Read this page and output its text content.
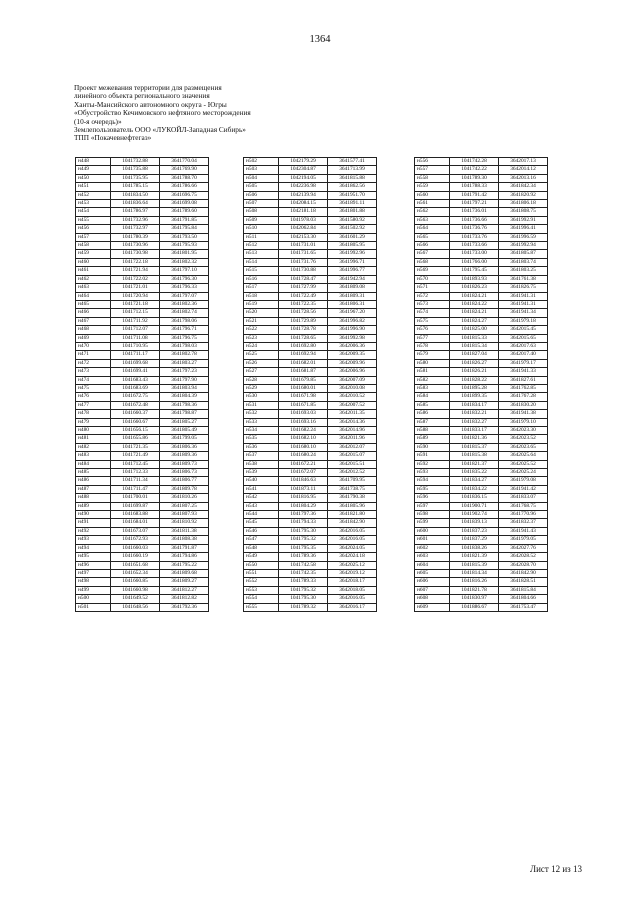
1364
Проект межевания территории для размещения
линейного объекта регионального значения
Ханты-Мансийского автономного округа - Югры
«Обустройство Кечимовского нефтяного месторождения
(10-я очередь)»
Землепользователь ООО «ЛУКОЙЛ-Западная Сибирь»
ТПП «Покачевнефтегаз»
н448	1041732.88	3641770.04
н449	1041735.88	3641769.90
н450	1041735.95	3641788.70
н451	1041785.15	3641786.66
н452	1041834.50	3641696.75
н453	1041836.64	3641699.08
н454	1041786.97	3641789.60
н455	1041732.96	3641791.85
н456	1041732.97	3641795.84
н457	1041780.39	3641793.50
н458	1041730.96	3641795.93
н459	1041730.98	3641801.95
н460	1041722.18	3641802.32
н461	1041721.94	3641797.10
н462	1041722.02	3641796.30
н463	1041721.01	3641796.33
н464	1041720.94	3641797.07
н465	1041721.18	3641802.36
н466	1041712.15	3641802.74
н467	1041711.92	3641798.06
н468	1041712.07	3641796.71
н469	1041711.08	3641796.75
н470	1041710.95	3641798.03
н471	1041711.17	3641802.78
н472	1041699.68	3641803.27
н473	1041699.41	3641797.23
н474	1041683.43	3641797.90
н475	1041683.69	3641803.94
н476	1041672.75	3641804.39
н477	1041672.48	3641798.36
н478	1041660.37	3641798.87
н479	1041660.67	3641805.27
н480	1041656.15	3641805.49
н481	1041655.86	3641799.05
н482	1041721.35	3641806.36
н483	1041721.49	3641809.36
н484	1041712.45	3641809.73
н485	1041712.33	3641806.73
н486	1041711.34	3641806.77
н487	1041711.47	3641809.78
н488	1041700.01	3641810.26
н489	1041699.87	3641807.25
н490	1041683.88	3641807.93
н491	1041684.01	3641810.92
н492	1041673.07	3641811.38
н493	1041672.93	3641808.38
н494	1041660.03	3641791.87
н495	1041660.19	3641794.86
н496	1041651.68	3641795.22
н497	1041652.34	3641809.68
н498	1041660.85	3641809.27
н499	1041660.98	3641812.27
н500	1041649.52	3641812.82
н501	1041648.56	3641792.36
н502	1042179.29	3641577.41
н503	1042304.87	3641713.99
н504	1042194.05	3641815.88
н505	1042236.98	3641862.56
н506	1042139.94	3641951.70
н507	1042084.15	3641891.11
н508	1042181.18	3641801.88
н509	1041978.03	3641580.92
н510	1042062.84	3641502.92
н511	1042153.30	3641601.29
н512	1041731.01	3641805.95
н513	1041731.65	3641992.96
н514	1041731.76	3641996.71
н515	1041730.88	3641996.77
н516	1041728.47	3641942.94
н517	1041727.99	3641809.08
н518	1041722.49	3641809.31
н519	1041722.35	3641806.31
н520	1041728.56	3641967.20
н521	1041729.89	3641996.82
н522	1041728.78	3641996.90
н523	1041728.65	3641992.98
н524	1041692.80	3642006.36
н525	1041692.94	3642009.35
н526	1041682.01	3642009.96
н527	1041681.87	3642006.96
н528	1041679.85	3642007.09
н529	1041680.01	3642010.08
н530	1041671.98	3642010.52
н531	1041671.85	3642007.52
н532	1041693.03	3642011.35
н533	1041693.16	3642014.36
н534	1041682.24	3642014.96
н535	1041682.10	3642011.96
н536	1041680.10	3642012.07
н537	1041680.24	3642015.07
н538	1041672.21	3642015.51
н539	1041672.07	3642012.52
н540	1041846.63	3641709.95
н541	1041873.11	3641738.75
н542	1041816.95	3641790.38
н543	1041804.29	3641805.96
н544	1041797.36	3641821.80
н545	1041794.33	3641842.90
н546	1041795.30	3642016.05
н547	1041795.32	3642016.05
н548	1041795.35	3642024.05
н549	1041789.36	3642024.18
н550	1041742.58	3642025.12
н551	1041742.35	3642019.12
н552	1041789.33	3642018.17
н553	1041795.32	3642018.05
н554	1041795.30	3642016.05
н555	1041789.32	3642016.17
н556	1041742.28	3642017.13
н557	1041742.22	3642014.12
н558	1041789.30	3642013.16
н559	1041788.33	3641842.34
н560	1041791.42	3641820.92
н561	1041797.21	3641806.18
н562	1041736.01	3641808.75
н563	1041736.66	3641992.91
н564	1041736.76	3641996.41
н565	1041733.76	3641996.59
н566	1041733.66	3641992.94
н567	1041733.00	3641805.87
н568	1041766.00	3641803.74
н569	1041795.45	3641803.25
н570	1041893.93	3641761.38
н571	1041826.23	3641826.75
н572	1041824.21	3641941.31
н573	1041824.22	3641941.31
н574	1041824.21	3641941.34
н575	1041824.27	3641979.18
н576	1041825.00	3642015.45
н577	1041815.33	3642015.65
н578	1041815.34	3642017.63
н579	1041827.04	3642017.40
н580	1041826.27	3641979.17
н581	1041826.21	3641941.33
н582	1041828.22	3641827.61
н583	1041895.28	3641762.85
н584	1041899.35	3641767.28
н585	1041834.17	3641830.20
н586	1041832.21	3641941.38
н587	1041832.27	3641979.10
н588	1041833.17	3642023.30
н589	1041821.36	3642023.52
н590	1041815.37	3642023.65
н591	1041815.38	3642025.64
н592	1041821.37	3642025.52
н593	1041835.22	3642025.24
н594	1041834.27	3641979.08
н595	1041834.22	3641941.42
н596	1041836.15	3641833.07
н597	1041900.71	3641768.75
н598	1041902.74	3641770.96
н599	1041839.13	3641832.37
н600	1041837.23	3641941.43
н601	1041837.29	3641979.05
н602	1041838.26	3642027.76
н603	1041821.39	3642028.52
н604	1041815.39	3642028.70
н605	1041814.34	3641842.90
н606	1041816.26	3641828.51
н607	1041821.78	3641815.84
н608	1041830.97	3641804.66
н609	1041886.67	3641753.47
Лист 12 из 13
